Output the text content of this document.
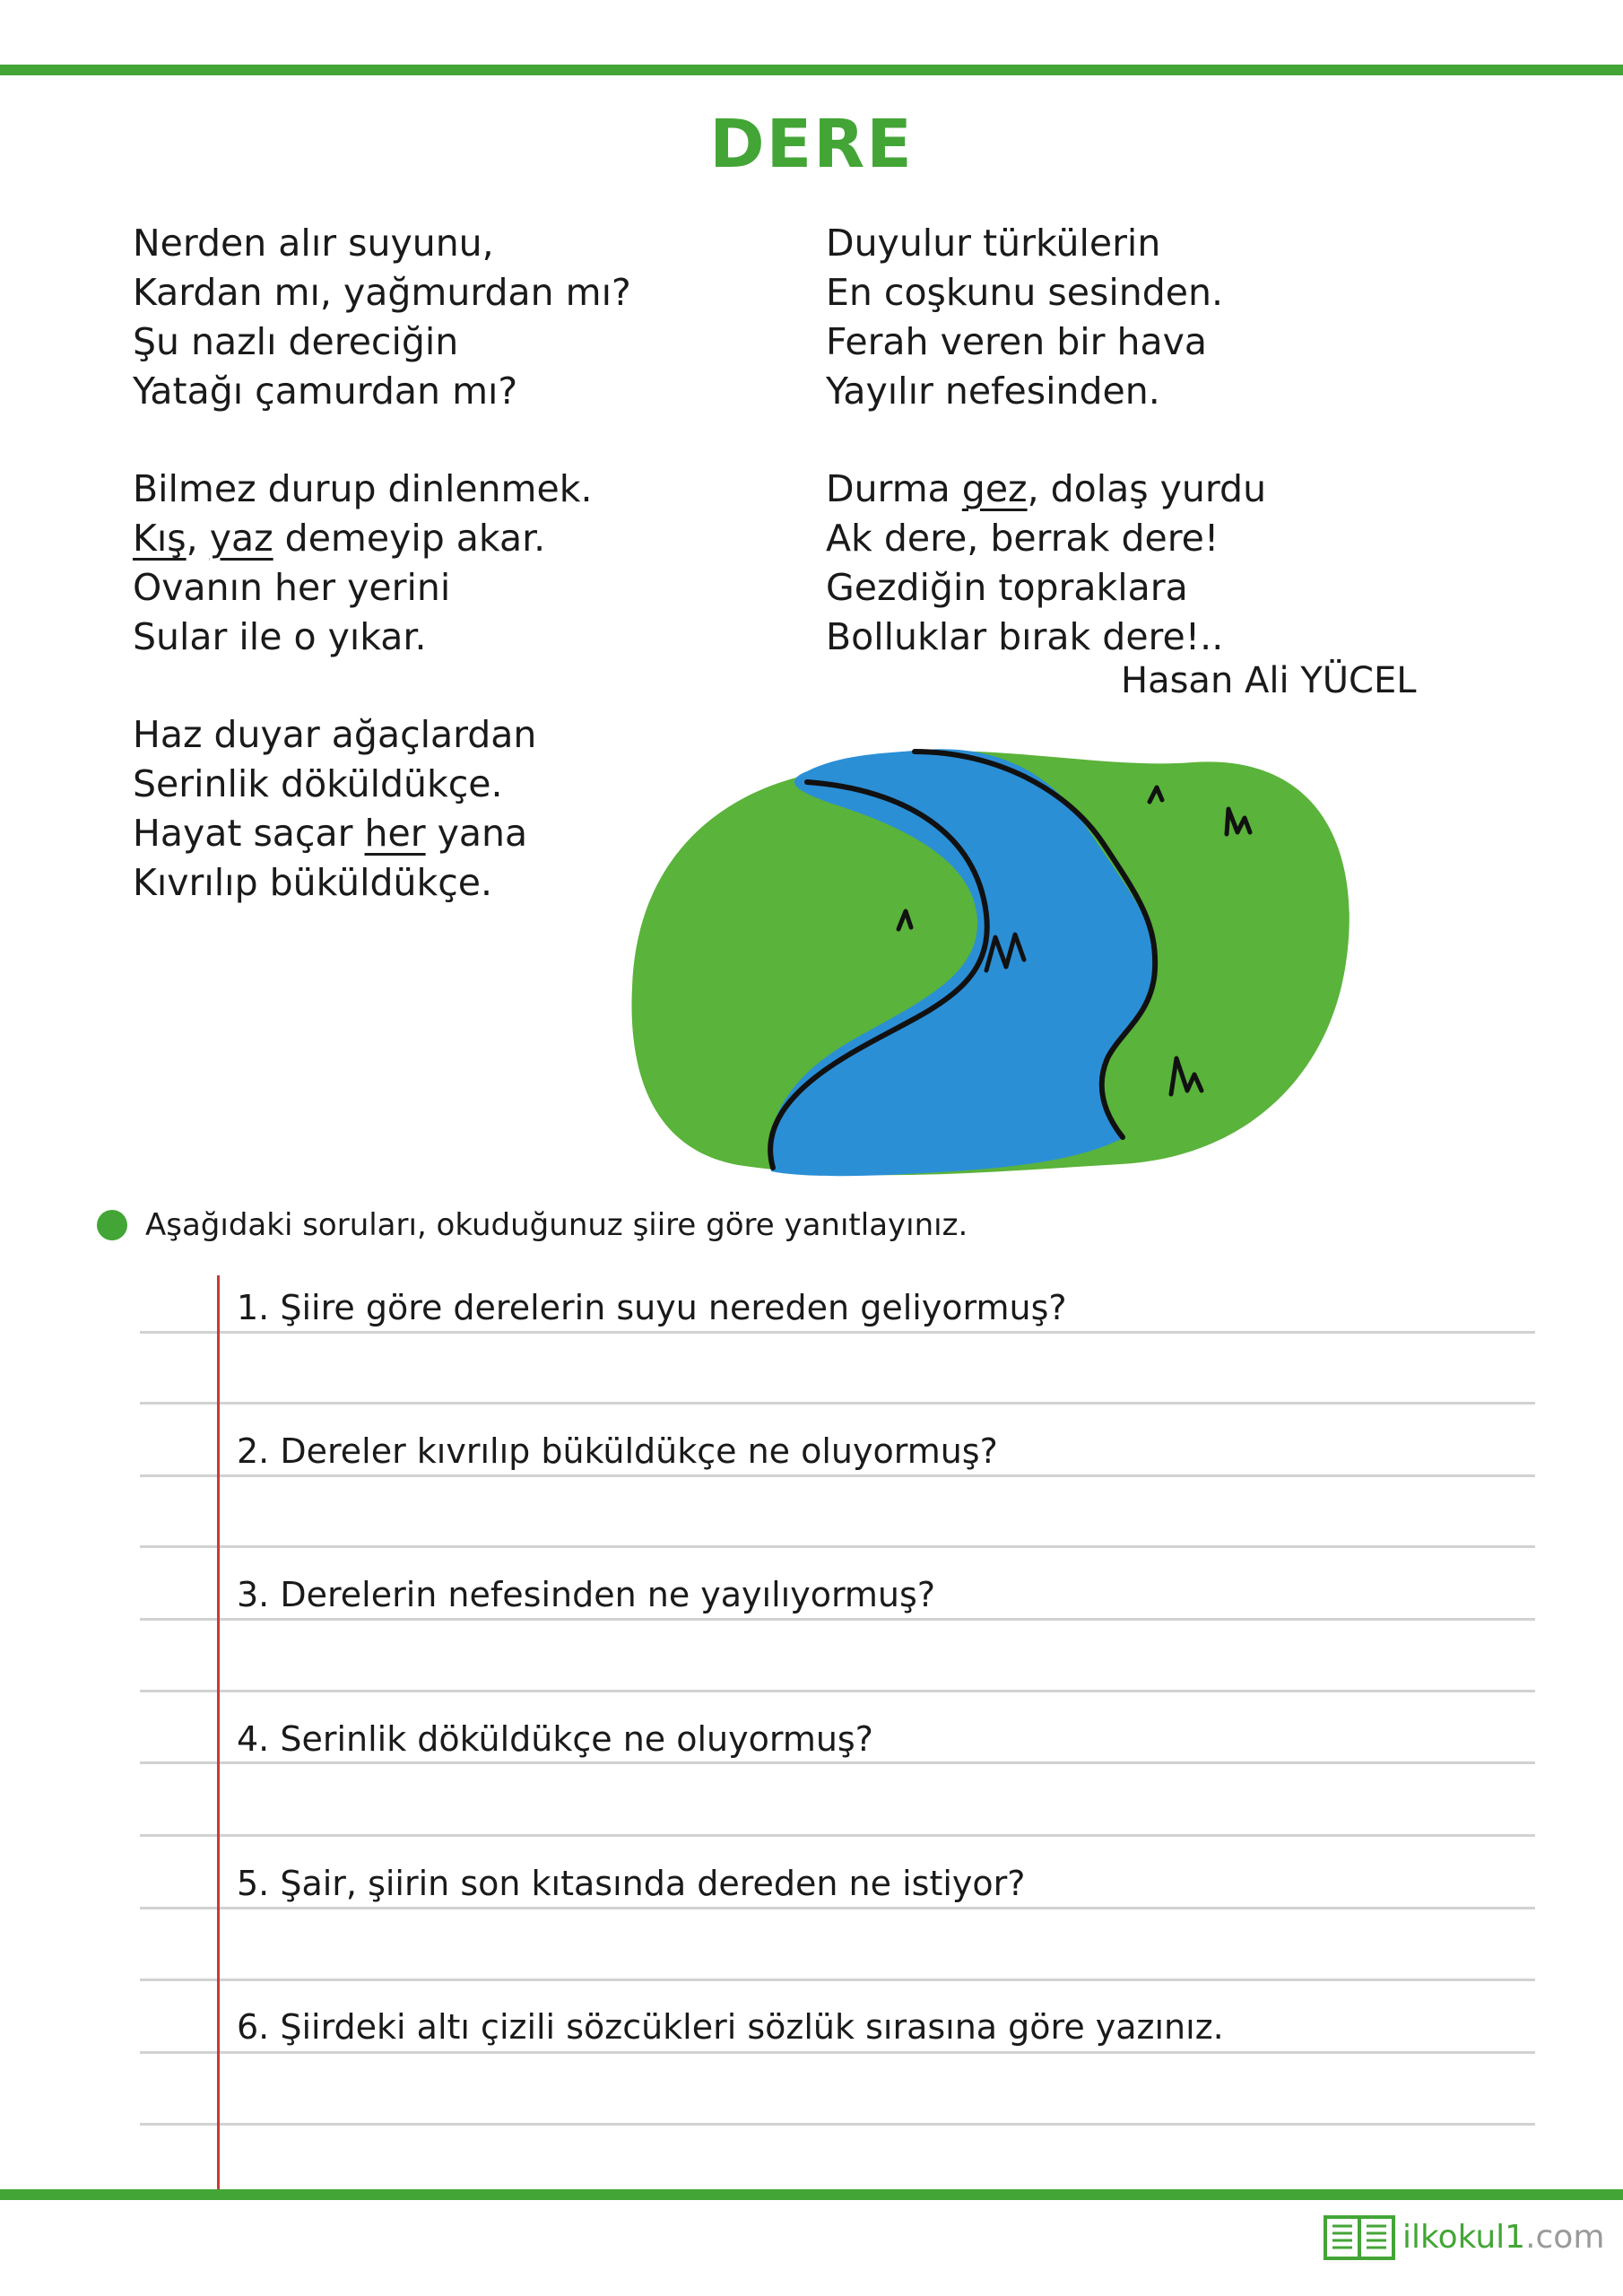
DERE
Nerden alır suyunu,
Kardan mı, yağmurdan mı?
Şu nazlı dereciğin
Yatağı çamurdan mı?
Bilmez durup dinlenmek.
Kış, yaz demeyip akar.
Ovanın her yerini
Sular ile o yıkar.
Haz duyar ağaçlardan
Serinlik döküldükçe.
Hayat saçar her yana
Kıvrılıp büküldükçe.
Duyulur türkülerin
En coşkunu sesinden.
Ferah veren bir hava
Yayılır nefesinden.
Durma gez, dolaş yurdu
Ak dere, berrak dere!
Gezdiğin topraklara
Bolluklar bırak dere!..
Hasan Ali YÜCEL
Aşağıdaki soruları, okuduğunuz şiire göre yanıtlayınız.
1. Şiire göre derelerin suyu nereden geliyormuş?
2. Dereler kıvrılıp büküldükçe ne oluyormuş?
3. Derelerin nefesinden ne yayılıyormuş?
4. Serinlik döküldükçe ne oluyormuş?
5. Şair, şiirin son kıtasında dereden ne istiyor?
6. Şiirdeki altı çizili sözcükleri sözlük sırasına göre yazınız.
ilkokul1.com
